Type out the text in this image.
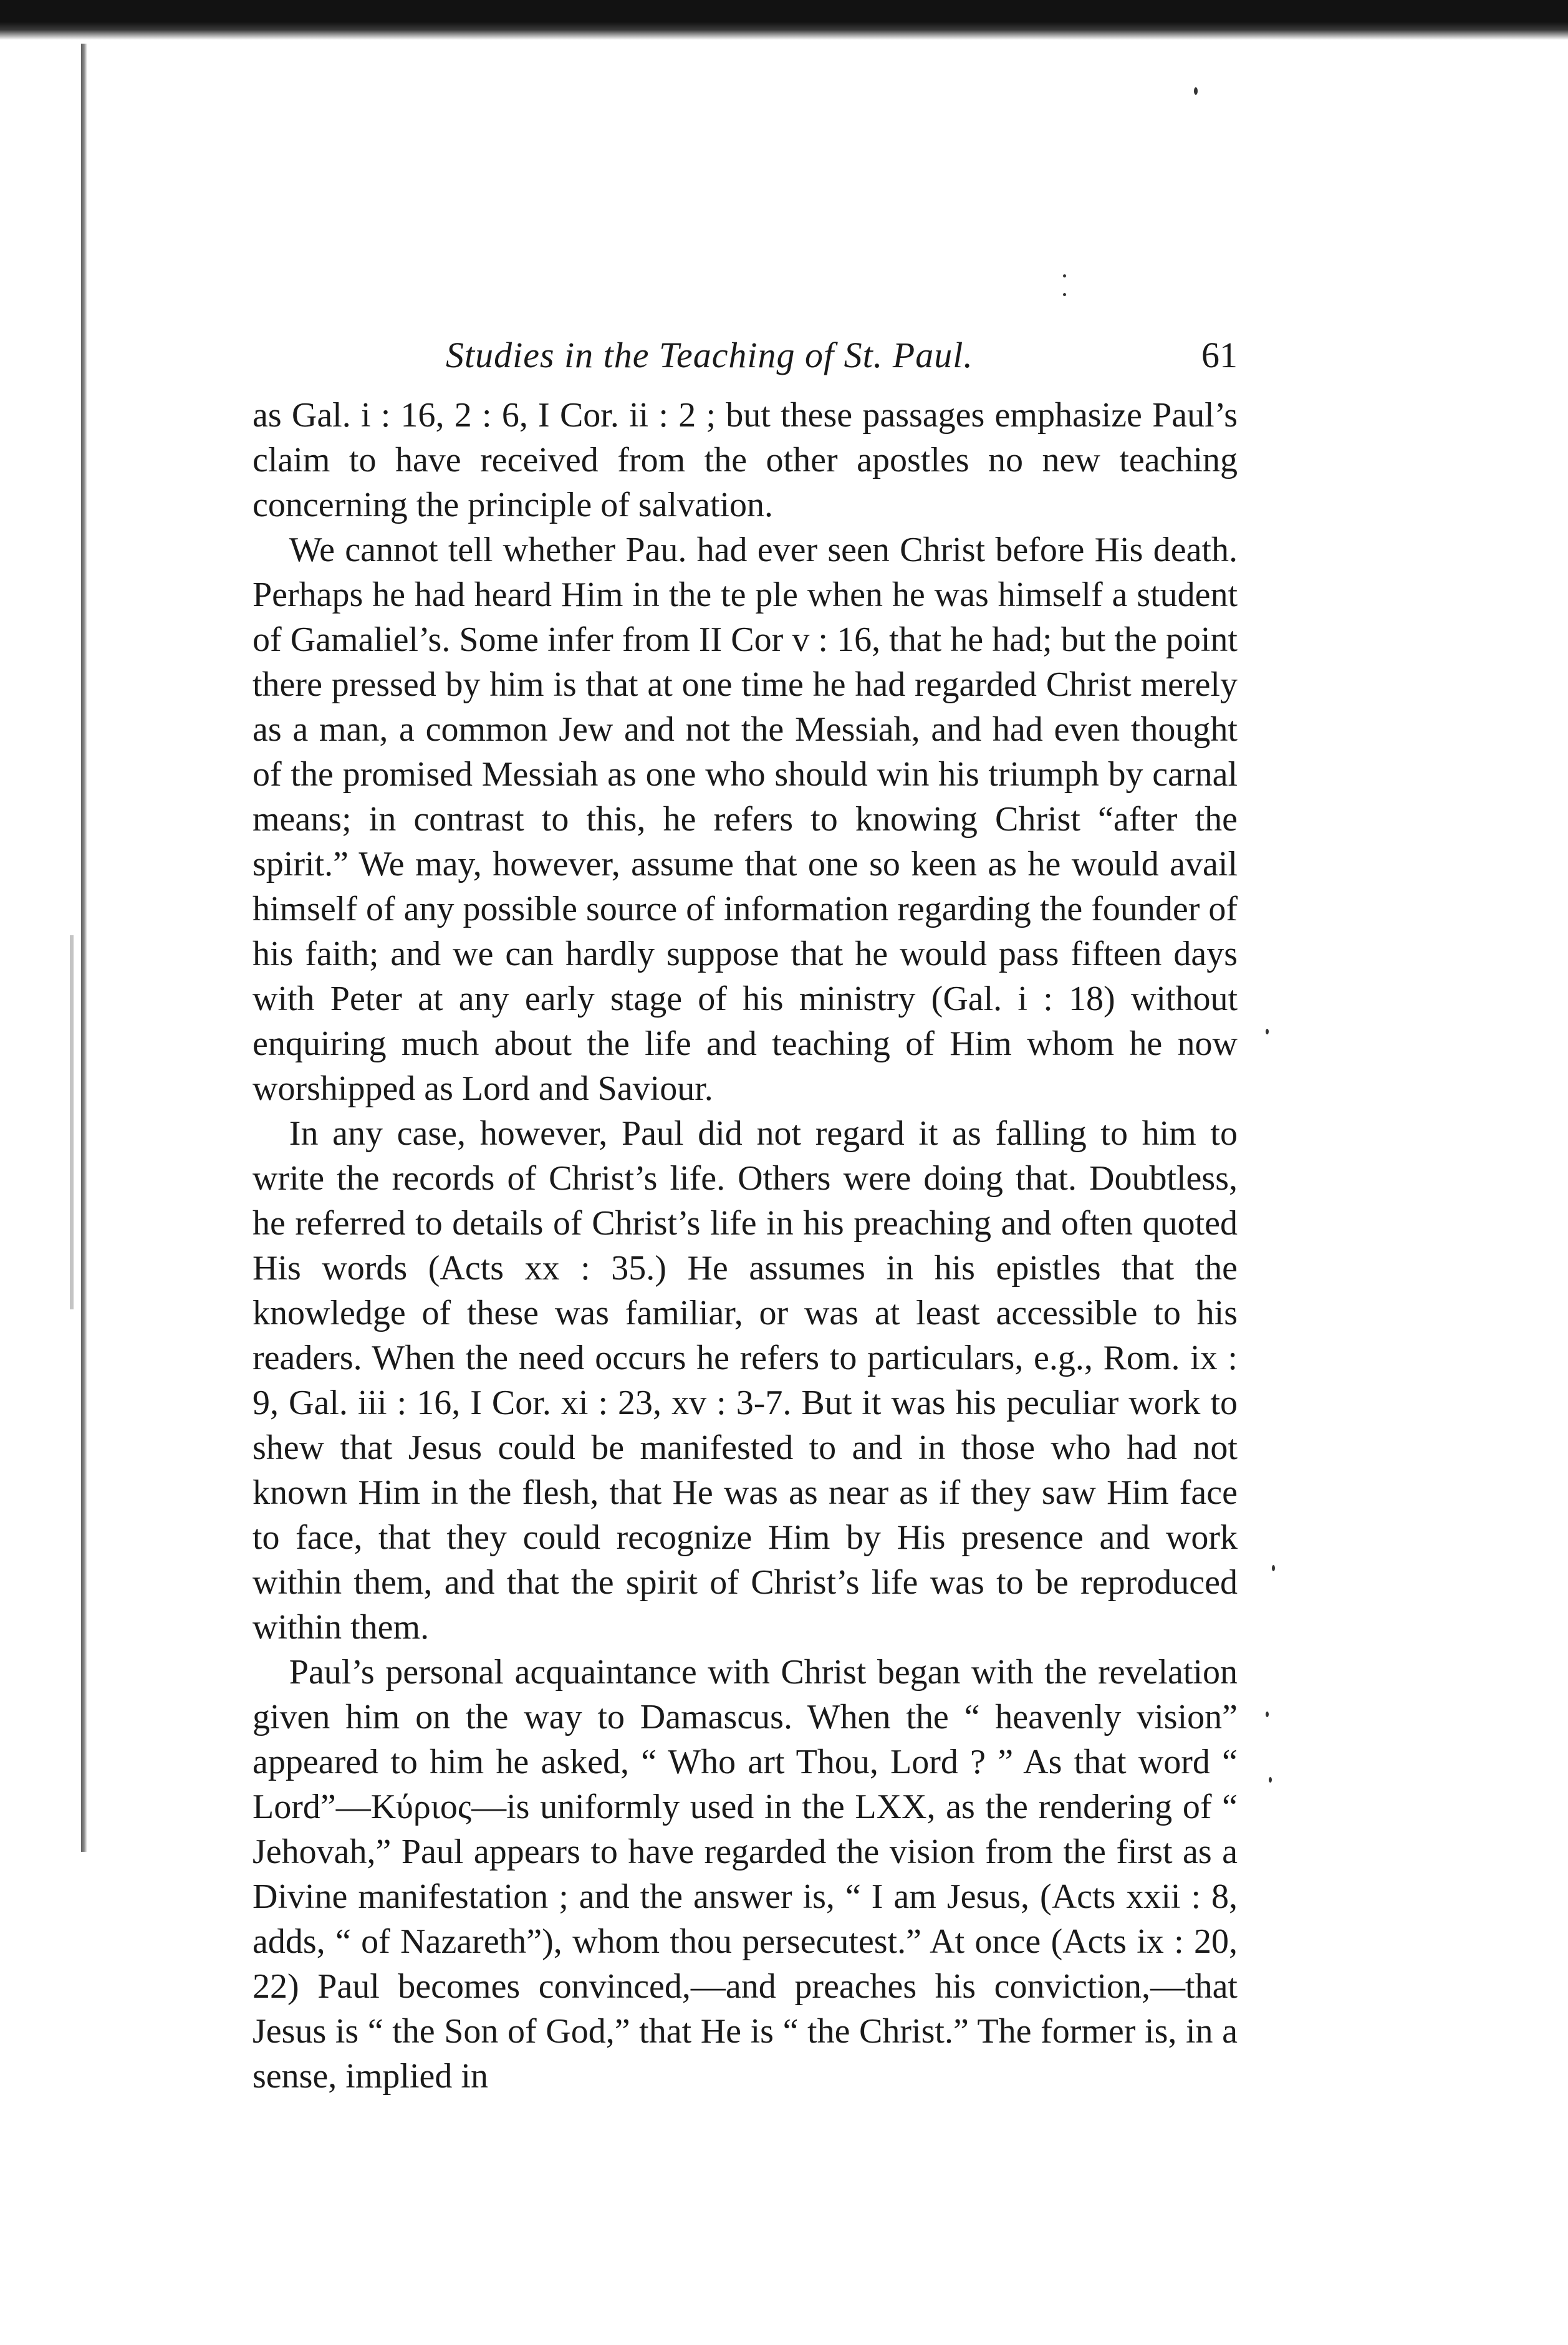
Studies in the Teaching of St. Paul.	61

as Gal. i : 16, 2 : 6, I Cor. ii : 2 ; but these passages emphasize Paul’s claim to have received from the other apostles no new teaching concerning the principle of salvation.

We cannot tell whether Pau. had ever seen Christ before His death. Perhaps he had heard Him in the te ple when he was himself a student of Gamaliel’s. Some infer from II Cor v : 16, that he had; but the point there pressed by him is that at one time he had regarded Christ merely as a man, a common Jew and not the Messiah, and had even thought of the promised Messiah as one who should win his triumph by carnal means; in contrast to this, he refers to knowing Christ “after the spirit.” We may, however, assume that one so keen as he would avail himself of any possible source of information regarding the founder of his faith; and we can hardly suppose that he would pass fifteen days with Peter at any early stage of his ministry (Gal. i : 18) without enquiring much about the life and teaching of Him whom he now worshipped as Lord and Saviour.

In any case, however, Paul did not regard it as falling to him to write the records of Christ’s life. Others were doing that. Doubtless, he referred to details of Christ’s life in his preaching and often quoted His words (Acts xx : 35.) He assumes in his epistles that the knowledge of these was familiar, or was at least accessible to his readers. When the need occurs he refers to particulars, e.g., Rom. ix : 9, Gal. iii : 16, I Cor. xi : 23, xv : 3-7. But it was his peculiar work to shew that Jesus could be manifested to and in those who had not known Him in the flesh, that He was as near as if they saw Him face to face, that they could recognize Him by His presence and work within them, and that the spirit of Christ’s life was to be reproduced within them.

Paul’s personal acquaintance with Christ began with the revelation given him on the way to Damascus. When the “ heavenly vision” appeared to him he asked, “ Who art Thou, Lord ? ” As that word “ Lord”—Κύριος—is uniformly used in the LXX, as the rendering of “ Jehovah,” Paul appears to have regarded the vision from the first as a Divine manifestation ; and the answer is, “ I am Jesus, (Acts xxii : 8, adds, “ of Nazareth”), whom thou persecutest.” At once (Acts ix : 20, 22) Paul becomes convinced,—and preaches his conviction,—that Jesus is “ the Son of God,” that He is “ the Christ.” The former is, in a sense, implied in
